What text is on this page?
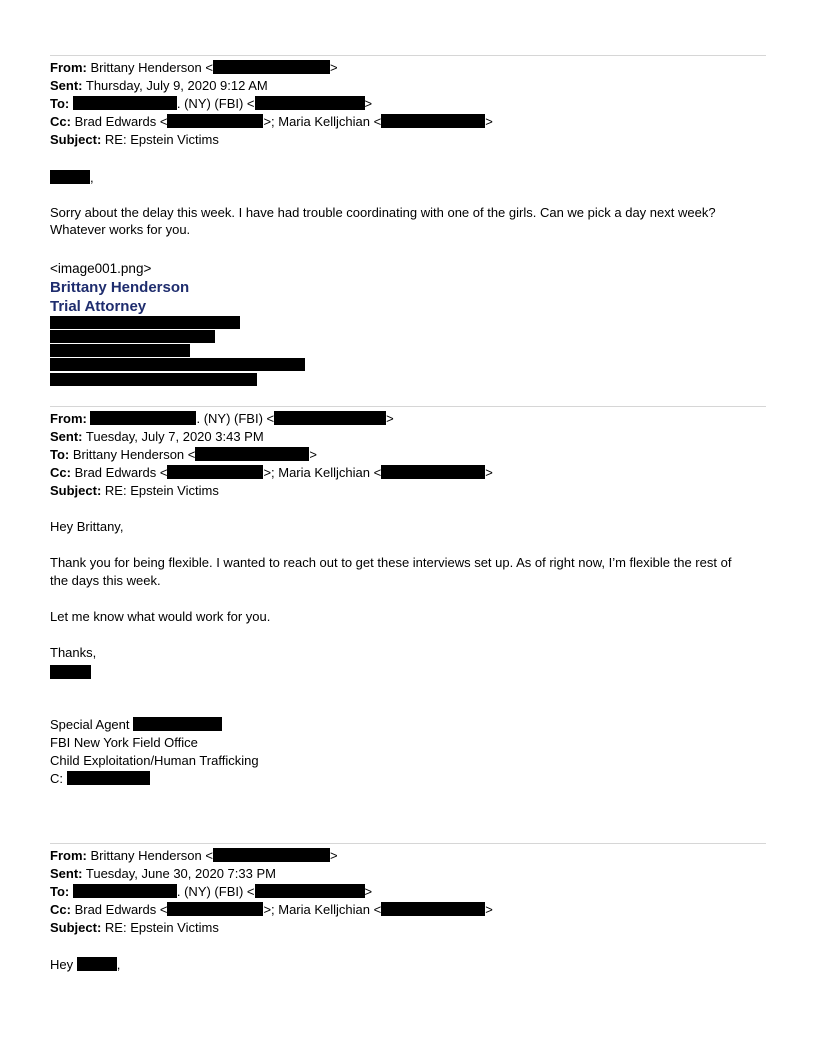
From: Brittany Henderson <	>
Sent: Thursday, July 9, 2020 9:12 AM
To:	. (NY) (FBI) <	>
Cc: Brad Edwards <	>; Maria Kelljchian <	>
Subject: RE: Epstein Victims
,
Sorry about the delay this week. I have had trouble coordinating with one of the girls. Can we pick a day next week?
Whatever works for you.
<image001.png>
Brittany Henderson
Trial Attorney
From:	. (NY) (FBI) <	>
Sent: Tuesday, July 7, 2020 3:43 PM
To: Brittany Henderson <	>
Cc: Brad Edwards <	>; Maria Kelljchian <	>
Subject: RE: Epstein Victims
Hey Brittany,
Thank you for being flexible. I wanted to reach out to get these interviews set up. As of right now, I’m flexible the rest of
the days this week.
Let me know what would work for you.
Thanks,
Special Agent
FBI New York Field Office
Child Exploitation/Human Trafficking
C:
From: Brittany Henderson <	>
Sent: Tuesday, June 30, 2020 7:33 PM
To:	. (NY) (FBI) <	>
Cc: Brad Edwards <	>; Maria Kelljchian <	>
Subject: RE: Epstein Victims
Hey	,
